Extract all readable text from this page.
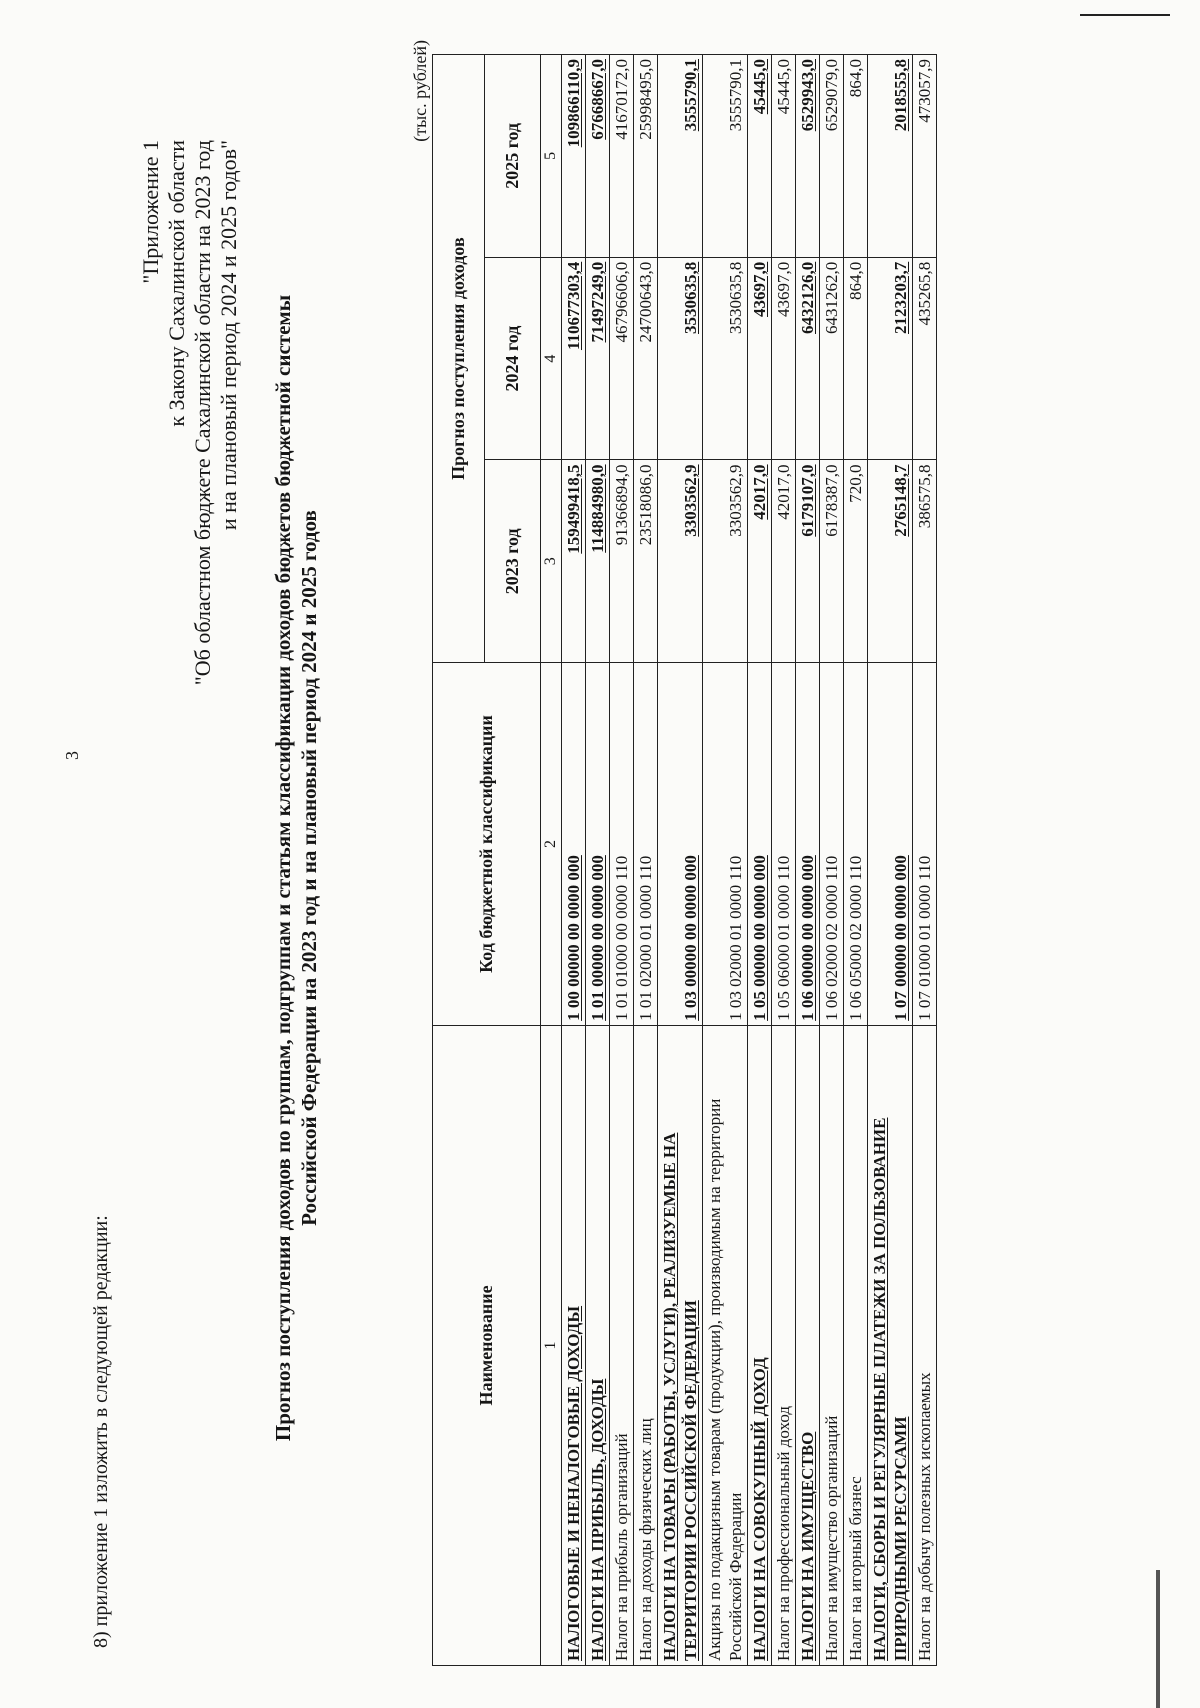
3
8) приложение 1 изложить в следующей редакции:
"Приложение 1 к Закону Сахалинской области "Об областном бюджете Сахалинской области на 2023 год и на плановый период 2024 и 2025 годов" Прогноз поступления доходов по группам, подгруппам и статьям классификации доходов бюджетов бюджетной системы Российской Федерации на 2023 год и на плановый период 2024 и 2025 годов
(тыс. рублей)
Наименование	Код бюджетной классификации	Прогноз поступления доходов		
		2023 год	2024 год	2025 год
1	2	3	4	5
НАЛОГОВЫЕ И НЕНАЛОГОВЫЕ ДОХОДЫ	1 00 00000 00 0000 000	159499418,5	110677303,4	109866110,9
НАЛОГИ НА ПРИБЫЛЬ, ДОХОДЫ	1 01 00000 00 0000 000	114884980,0	71497249,0	67668667,0
Налог на прибыль организаций	1 01 01000 00 0000 110	91366894,0	46796606,0	41670172,0
Налог на доходы физических лиц	1 01 02000 01 0000 110	23518086,0	24700643,0	25998495,0
НАЛОГИ НА ТОВАРЫ (РАБОТЫ, УСЛУГИ), РЕАЛИЗУЕМЫЕ НА ТЕРРИТОРИИ РОССИЙСКОЙ ФЕДЕРАЦИИ	1 03 00000 00 0000 000	3303562,9	3530635,8	3555790,1
Акцизы по подакцизным товарам (продукции), производимым на территории Российской Федерации	1 03 02000 01 0000 110	3303562,9	3530635,8	3555790,1
НАЛОГИ НА СОВОКУПНЫЙ ДОХОД	1 05 00000 00 0000 000	42017,0	43697,0	45445,0
Налог на профессиональный доход	1 05 06000 01 0000 110	42017,0	43697,0	45445,0
НАЛОГИ НА ИМУЩЕСТВО	1 06 00000 00 0000 000	6179107,0	6432126,0	6529943,0
Налог на имущество организаций	1 06 02000 02 0000 110	6178387,0	6431262,0	6529079,0
Налог на игорный бизнес	1 06 05000 02 0000 110	720,0	864,0	864,0
НАЛОГИ, СБОРЫ И РЕГУЛЯРНЫЕ ПЛАТЕЖИ ЗА ПОЛЬЗОВАНИЕ ПРИРОДНЫМИ РЕСУРСАМИ	1 07 00000 00 0000 000	2765148,7	2123203,7	2018555,8
Налог на добычу полезных ископаемых	1 07 01000 01 0000 110	386575,8	435265,8	473057,9
